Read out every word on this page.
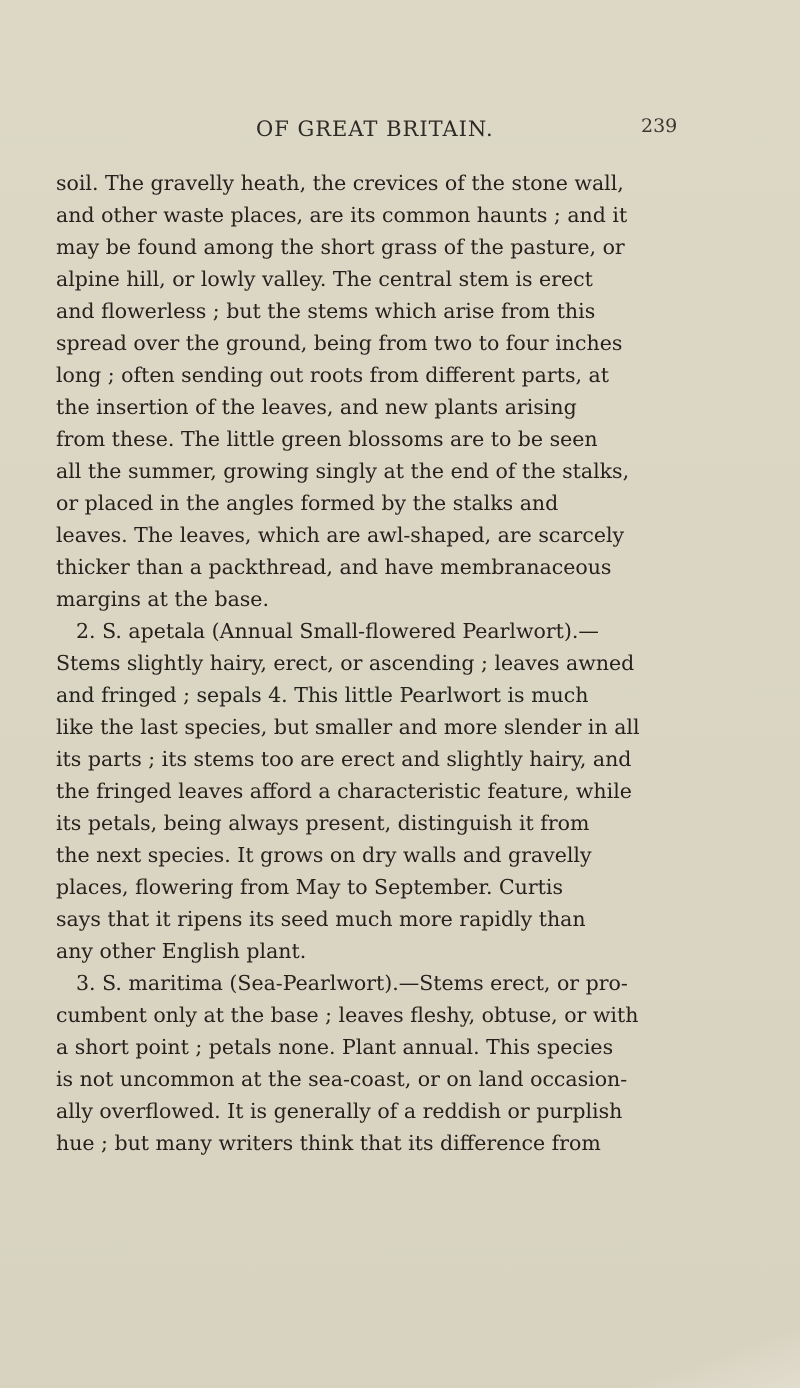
OF GREAT BRITAIN.	239
soil. The gravelly heath, the crevices of the stone wall,
and other waste places, are its common haunts ; and it
may be found among the short grass of the pasture, or
alpine hill, or lowly valley. The central stem is erect
and flowerless ; but the stems which arise from this
spread over the ground, being from two to four inches
long ; often sending out roots from different parts, at
the insertion of the leaves, and new plants arising
from these. The little green blossoms are to be seen
all the summer, growing singly at the end of the stalks,
or placed in the angles formed by the stalks and
leaves. The leaves, which are awl-shaped, are scarcely
thicker than a packthread, and have membranaceous
margins at the base.
2. S. apetala (Annual Small-flowered Pearlwort).—
Stems slightly hairy, erect, or ascending ; leaves awned
and fringed ; sepals 4. This little Pearlwort is much
like the last species, but smaller and more slender in all
its parts ; its stems too are erect and slightly hairy, and
the fringed leaves afford a characteristic feature, while
its petals, being always present, distinguish it from
the next species. It grows on dry walls and gravelly
places, flowering from May to September. Curtis
says that it ripens its seed much more rapidly than
any other English plant.
3. S. maritima (Sea-Pearlwort).—Stems erect, or pro-
cumbent only at the base ; leaves fleshy, obtuse, or with
a short point ; petals none. Plant annual. This species
is not uncommon at the sea-coast, or on land occasion-
ally overflowed. It is generally of a reddish or purplish
hue ; but many writers think that its difference from
